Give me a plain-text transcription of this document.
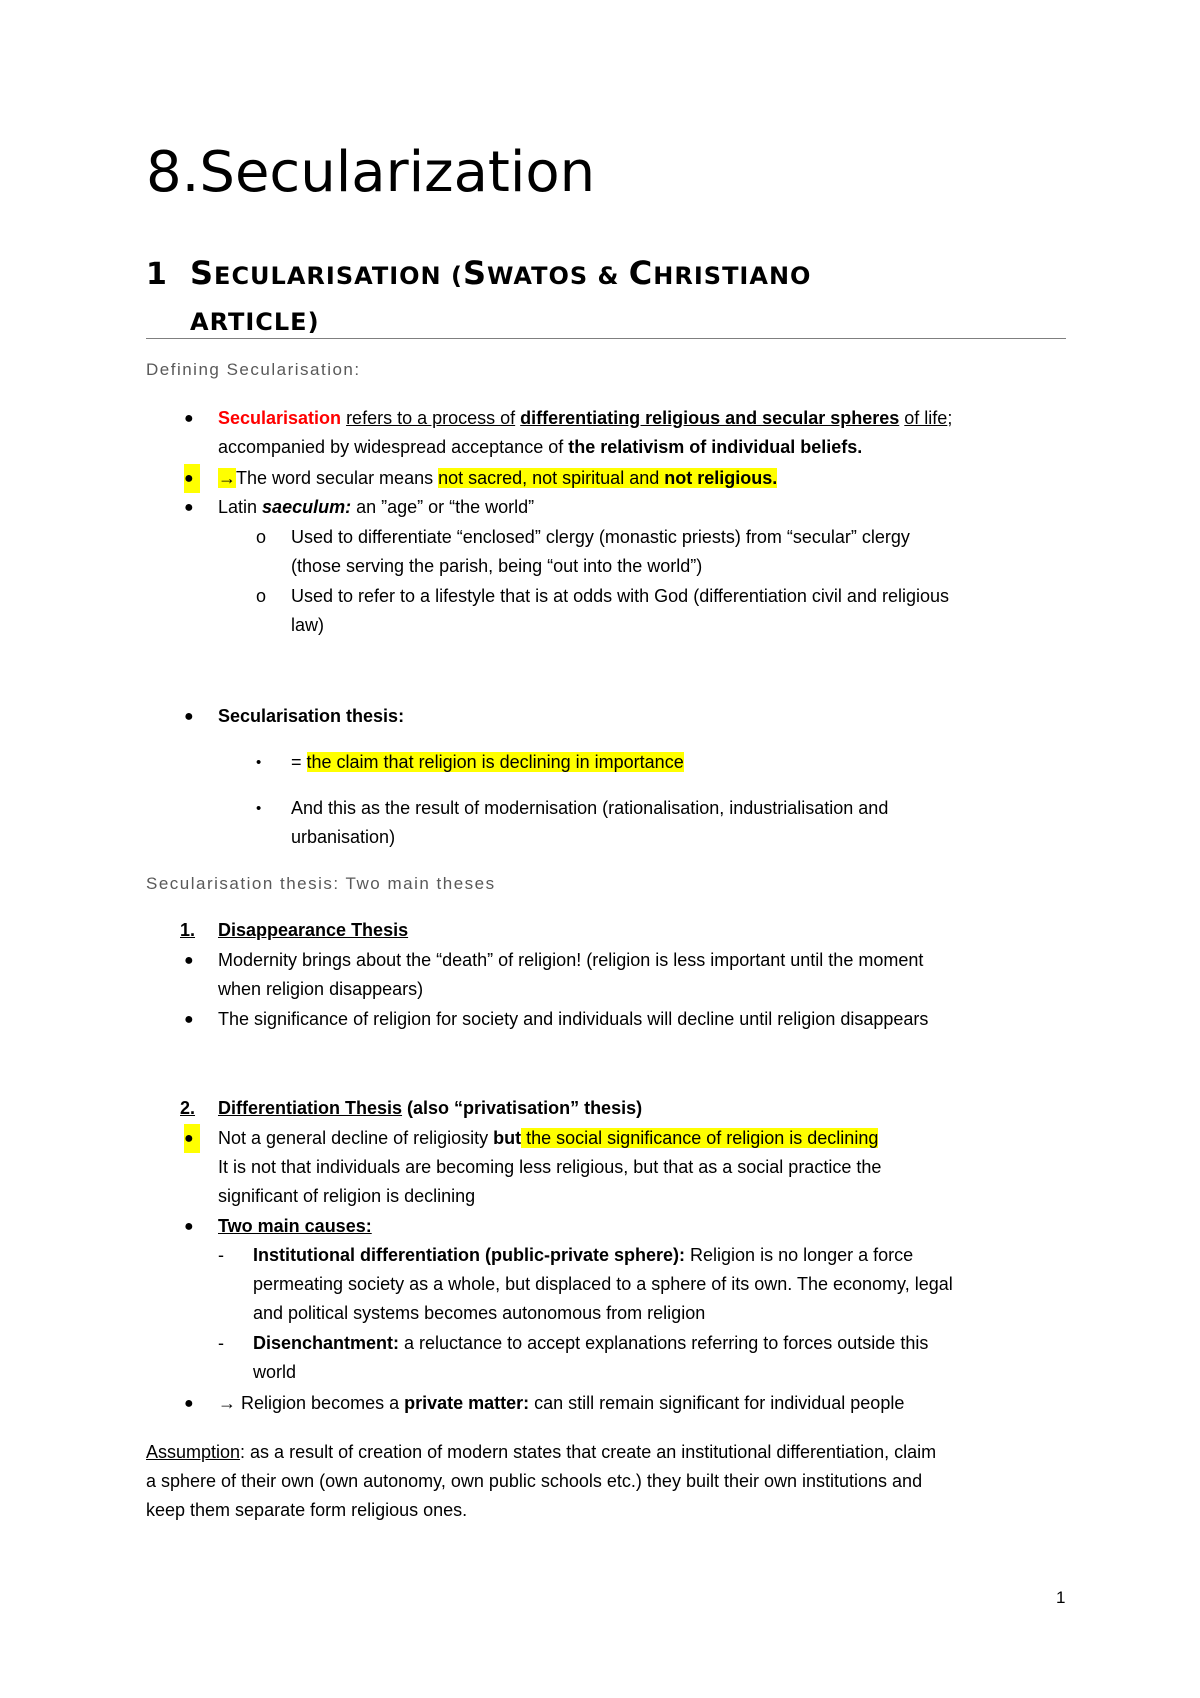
8.Secularization
1 SECULARISATION (SWATOS & CHRISTIANO
ARTICLE)
Defining Secularisation:
● Secularisation refers to a process of differentiating religious and secular spheres of life;
accompanied by widespread acceptance of the relativism of individual beliefs.
●	→The word secular means not sacred, not spiritual and not religious.
● Latin saeculum: an ”age” or “the world”
o Used to differentiate “enclosed” clergy (monastic priests) from “secular” clergy
(those serving the parish, being “out into the world”)
o Used to refer to a lifestyle that is at odds with God (differentiation civil and religious
law)
● Secularisation thesis:
• = the claim that religion is declining in importance
• And this as the result of modernisation (rationalisation, industrialisation and
urbanisation)
Secularisation thesis: Two main theses
1. Disappearance Thesis
● Modernity brings about the “death” of religion! (religion is less important until the moment
when religion disappears)
● The significance of religion for society and individuals will decline until religion disappears
2. Differentiation Thesis (also “privatisation” thesis)
●	Not a general decline of religiosity but the social significance of religion is declining
It is not that individuals are becoming less religious, but that as a social practice the
significant of religion is declining
● Two main causes:
- Institutional differentiation (public-private sphere): Religion is no longer a force
permeating society as a whole, but displaced to a sphere of its own. The economy, legal
and political systems becomes autonomous from religion
- Disenchantment: a reluctance to accept explanations referring to forces outside this
world
● → Religion becomes a private matter: can still remain significant for individual people
Assumption: as a result of creation of modern states that create an institutional differentiation, claim
a sphere of their own (own autonomy, own public schools etc.) they built their own institutions and
keep them separate form religious ones.
1
